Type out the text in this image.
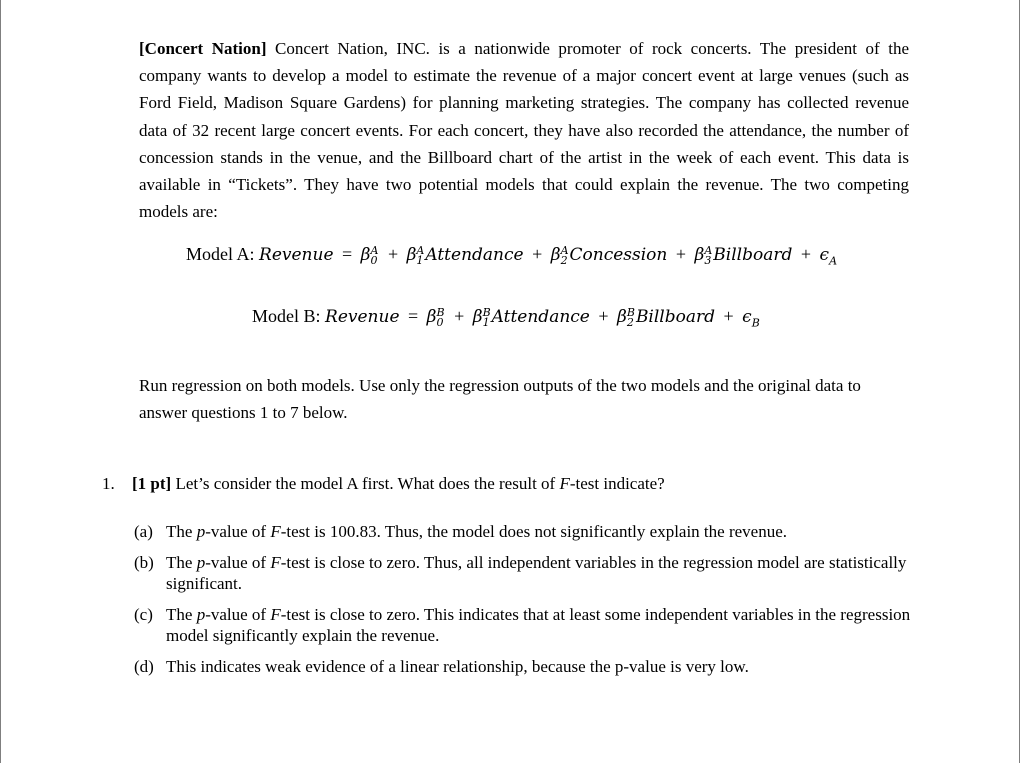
[Concert Nation] Concert Nation, INC. is a nationwide promoter of rock concerts. The president of the company wants to develop a model to estimate the revenue of a major concert event at large venues (such as Ford Field, Madison Square Gardens) for planning marketing strategies. The company has collected revenue data of 32 recent large concert events. For each concert, they have also recorded the attendance, the number of concession stands in the venue, and the Billboard chart of the artist in the week of each event. This data is available in “Tickets”. They have two potential models that could explain the revenue. The two competing models are:
Model A: Revenue = β A
0 + β A
1 Attendance + β A
2 Concession + β A
3 Billboard + $\epsilon_A$
Model B: Revenue = β B
0 + β B
1 Attendance + β B
2 Billboard + $\epsilon_B$
Run regression on both models. Use only the regression outputs of the two models and the original data to answer questions 1 to 7 below.
1. [1 pt] Let’s consider the model A first. What does the result of F-test indicate?
(a) The p-value of F-test is 100.83. Thus, the model does not significantly explain the revenue.
(b) The p-value of F-test is close to zero. Thus, all independent variables in the regression model are statistically significant.
(c) The p-value of F-test is close to zero. This indicates that at least some independent variables in the regression model significantly explain the revenue.
(d) This indicates weak evidence of a linear relationship, because the p-value is very low.
